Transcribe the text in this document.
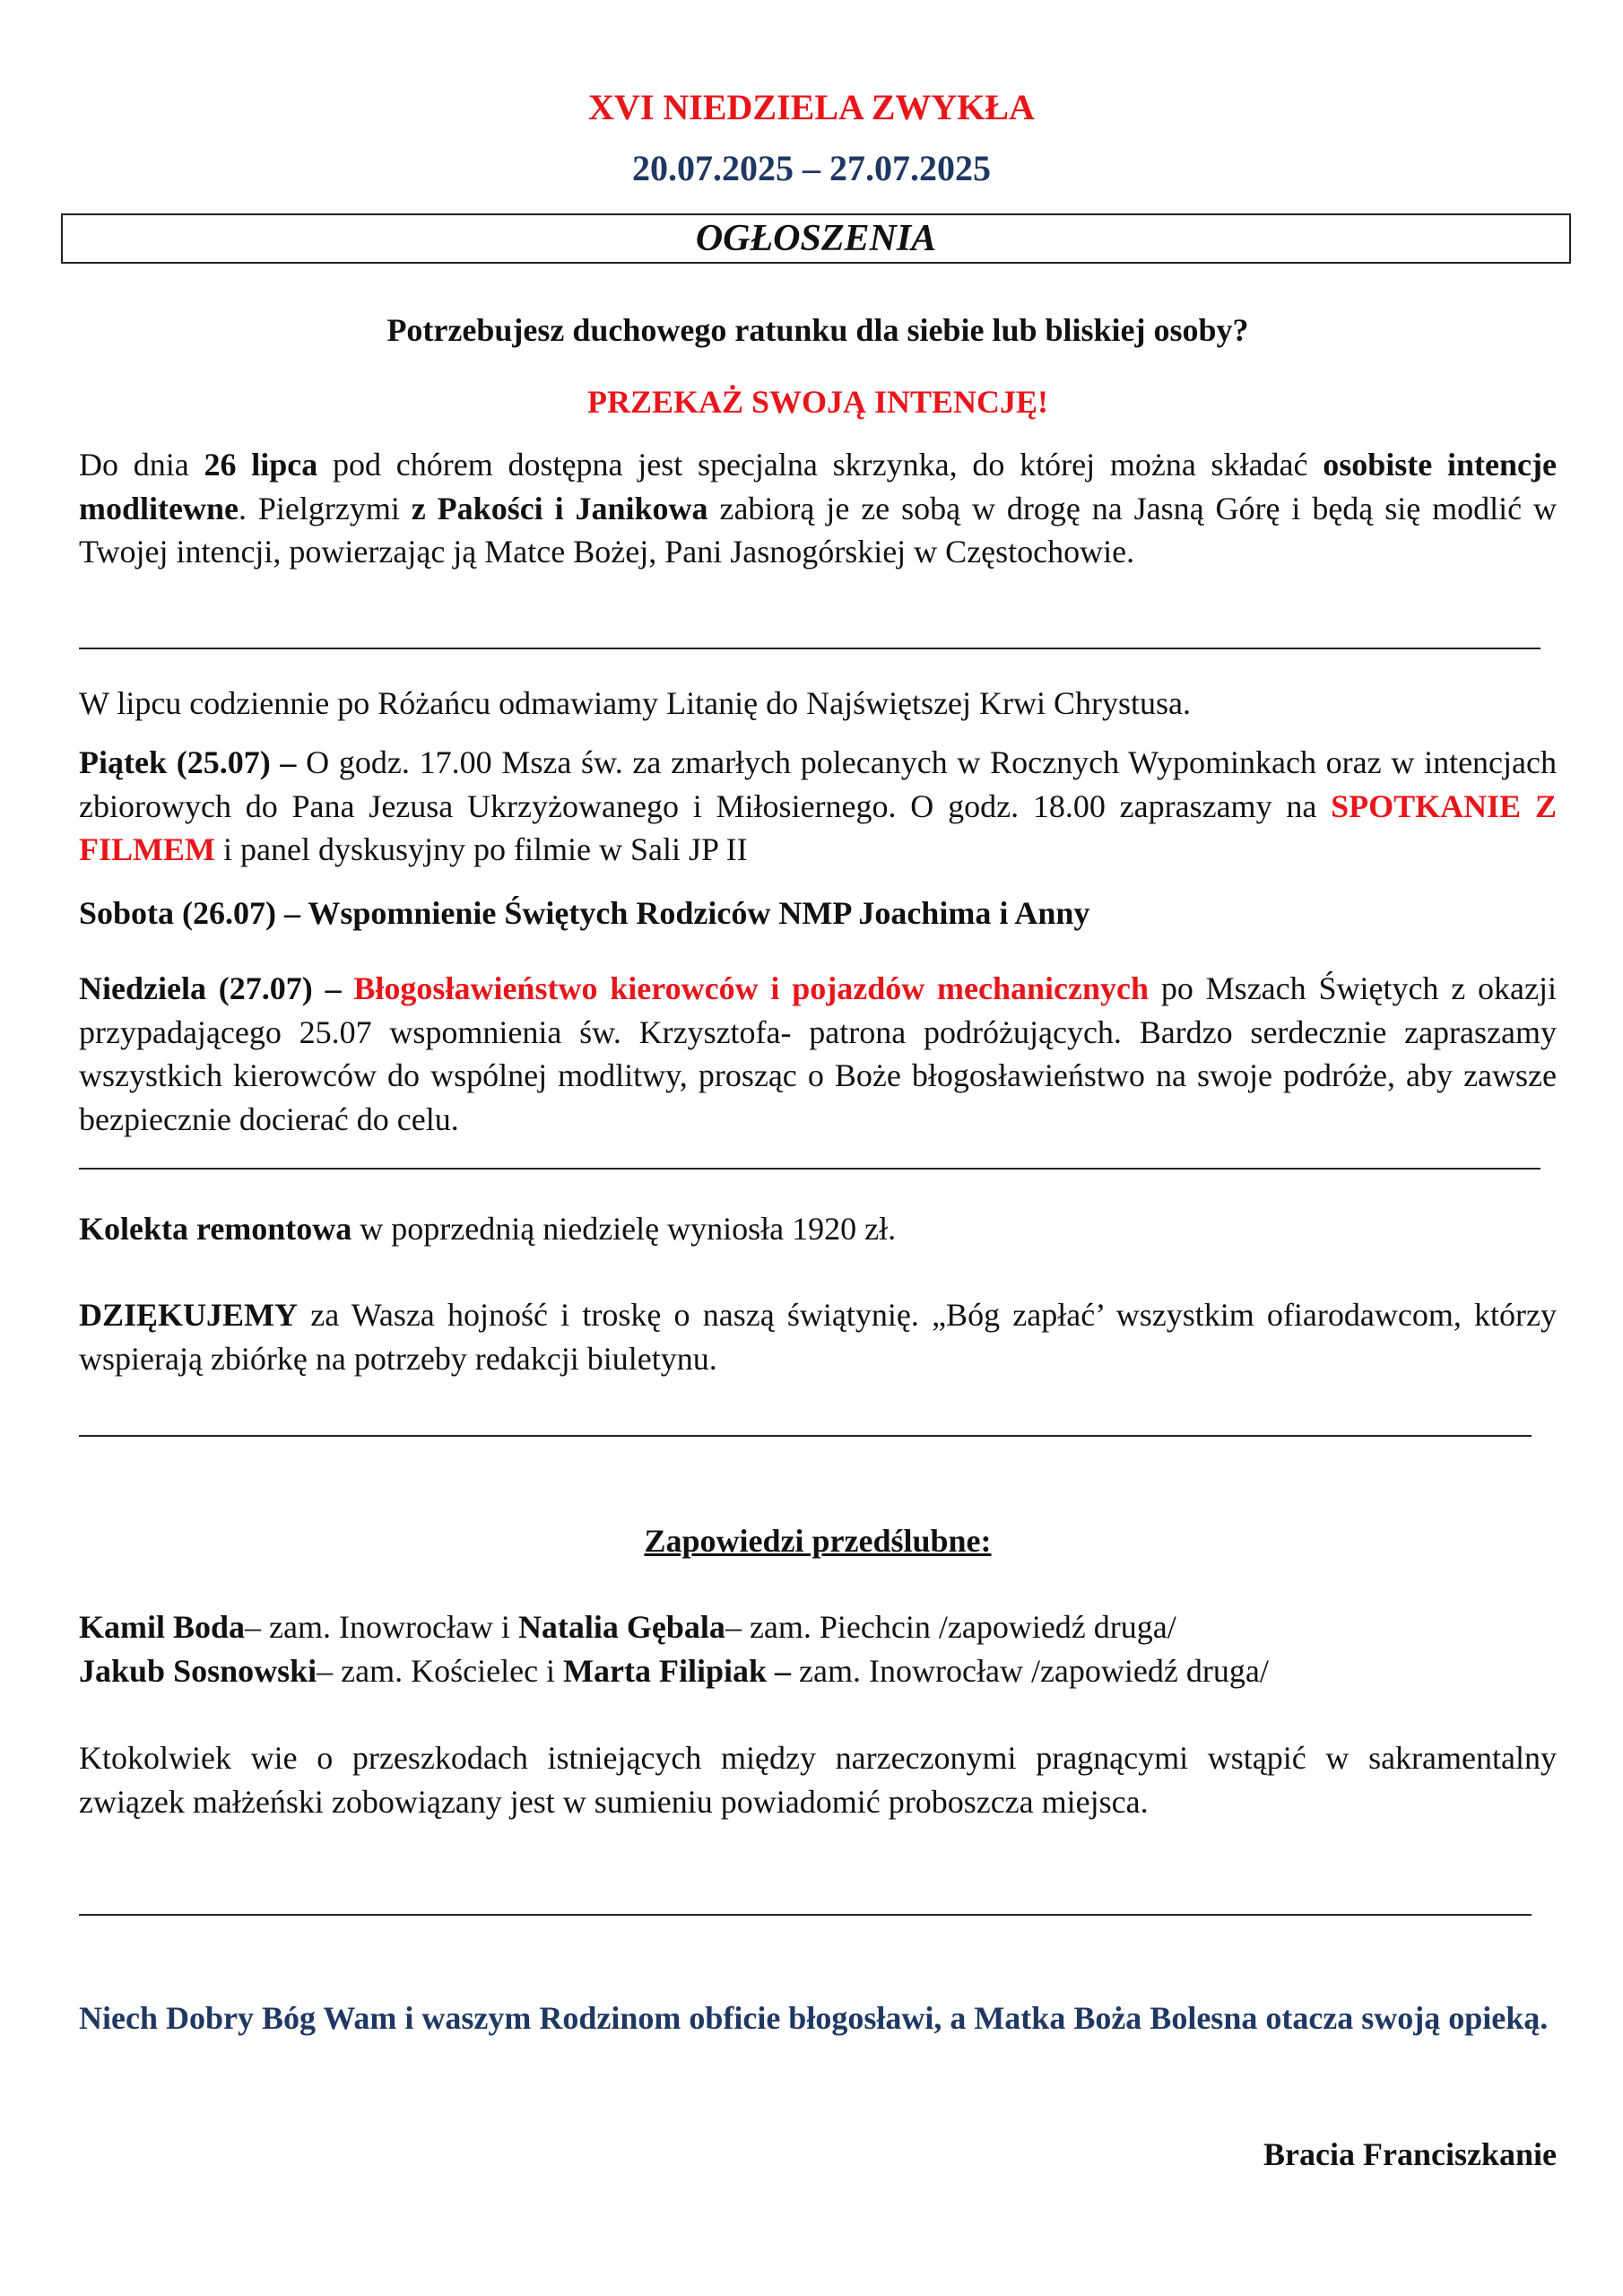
XVI NIEDZIELA ZWYKŁA
20.07.2025 – 27.07.2025
OGŁOSZENIA
Potrzebujesz duchowego ratunku dla siebie lub bliskiej osoby?
PRZEKAŻ SWOJĄ INTENCJĘ!
Do dnia 26 lipca pod chórem dostępna jest specjalna skrzynka, do której można składać osobiste intencje modlitewne. Pielgrzymi z Pakości i Janikowa zabiorą je ze sobą w drogę na Jasną Górę i będą się modlić w Twojej intencji, powierzając ją Matce Bożej, Pani Jasnogórskiej w Częstochowie.
W lipcu codziennie po Różańcu odmawiamy Litanię do Najświętszej Krwi Chrystusa.
Piątek (25.07) – O godz. 17.00 Msza św. za zmarłych polecanych w Rocznych Wypominkach oraz w intencjach zbiorowych do Pana Jezusa Ukrzyżowanego i Miłosiernego. O godz. 18.00 zapraszamy na SPOTKANIE Z FILMEM i panel dyskusyjny po filmie w Sali JP II
Sobota (26.07) – Wspomnienie Świętych Rodziców NMP Joachima i Anny
Niedziela (27.07) – Błogosławieństwo kierowców i pojazdów mechanicznych po Mszach Świętych z okazji przypadającego 25.07 wspomnienia św. Krzysztofa- patrona podróżujących. Bardzo serdecznie zapraszamy wszystkich kierowców do wspólnej modlitwy, prosząc o Boże błogosławieństwo na swoje podróże, aby zawsze bezpiecznie docierać do celu.
Kolekta remontowa w poprzednią niedzielę wyniosła 1920 zł.
DZIĘKUJEMY za Wasza hojność i troskę o naszą świątynię. „Bóg zapłać’ wszystkim ofiarodawcom, którzy wspierają zbiórkę na potrzeby redakcji biuletynu.
Zapowiedzi przedślubne:
Kamil Boda– zam. Inowrocław i Natalia Gębala– zam. Piechcin /zapowiedź druga/
Jakub Sosnowski– zam. Kościelec i Marta Filipiak – zam. Inowrocław /zapowiedź druga/
Ktokolwiek wie o przeszkodach istniejących między narzeczonymi pragnącymi wstąpić w sakramentalny związek małżeński zobowiązany jest w sumieniu powiadomić proboszcza miejsca.
Niech Dobry Bóg Wam i waszym Rodzinom obficie błogosławi, a Matka Boża Bolesna otacza swoją opieką.
Bracia Franciszkanie
